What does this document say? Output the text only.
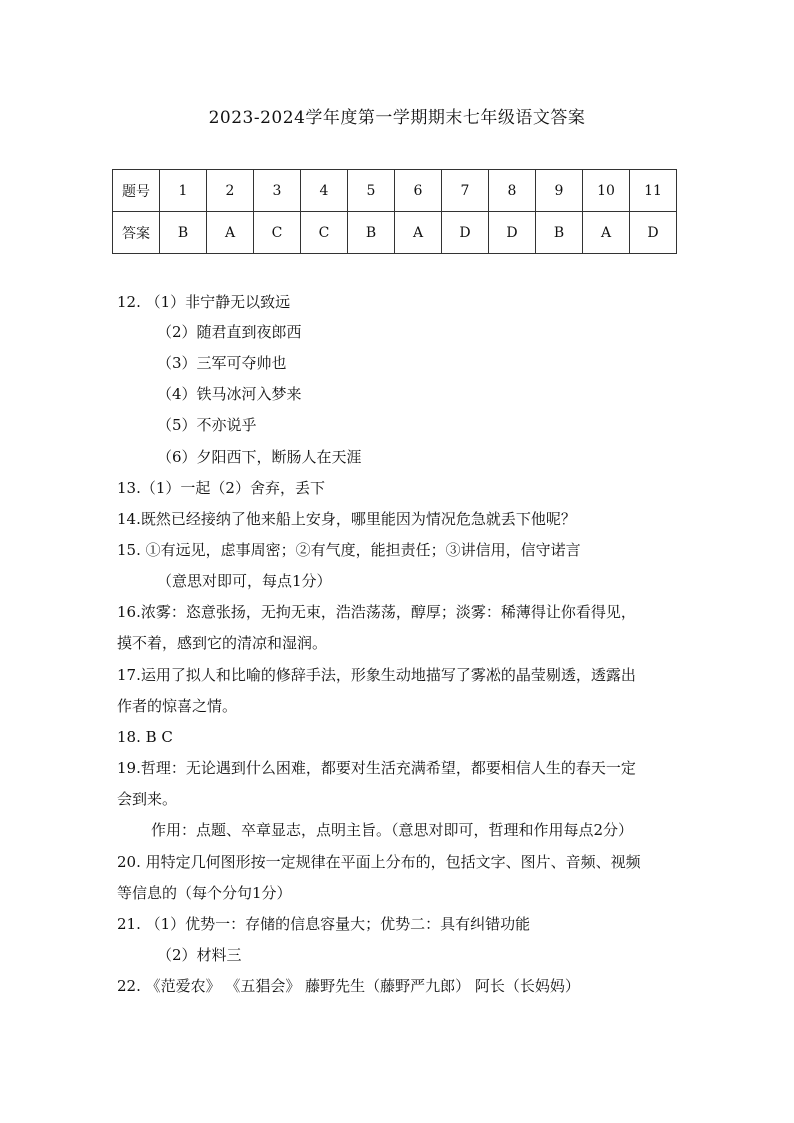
2023-2024学年度第一学期期末七年级语文答案
题号	1	2	3	4	5	6	7	8	9	10	11
答案	B	A	C	C	B	A	D	D	B	A	D
12. （1）非宁静无以致远
（2）随君直到夜郎西
（3）三军可夺帅也
（4）铁马冰河入梦来
（5）不亦说乎
（6）夕阳西下，断肠人在天涯
13.（1）一起（2）舍弃，丢下
14.既然已经接纳了他来船上安身，哪里能因为情况危急就丢下他呢？
15. ①有远见，虑事周密；②有气度，能担责任；③讲信用，信守诺言
（意思对即可，每点1分）
16.浓雾：恣意张扬，无拘无束，浩浩荡荡，醇厚；淡雾：稀薄得让你看得见，
摸不着，感到它的清凉和湿润。
17.运用了拟人和比喻的修辞手法，形象生动地描写了雾凇的晶莹剔透，透露出
作者的惊喜之情。
18. B C
19.哲理：无论遇到什么困难，都要对生活充满希望，都要相信人生的春天一定
会到来。
作用：点题、卒章显志，点明主旨。（意思对即可，哲理和作用每点2分）
20. 用特定几何图形按一定规律在平面上分布的，包括文字、图片、音频、视频
等信息的（每个分句1分）
21. （1）优势一：存储的信息容量大；优势二：具有纠错功能
（2）材料三
22. 《范爱农》 《五猖会》 藤野先生（藤野严九郎） 阿长（长妈妈）
